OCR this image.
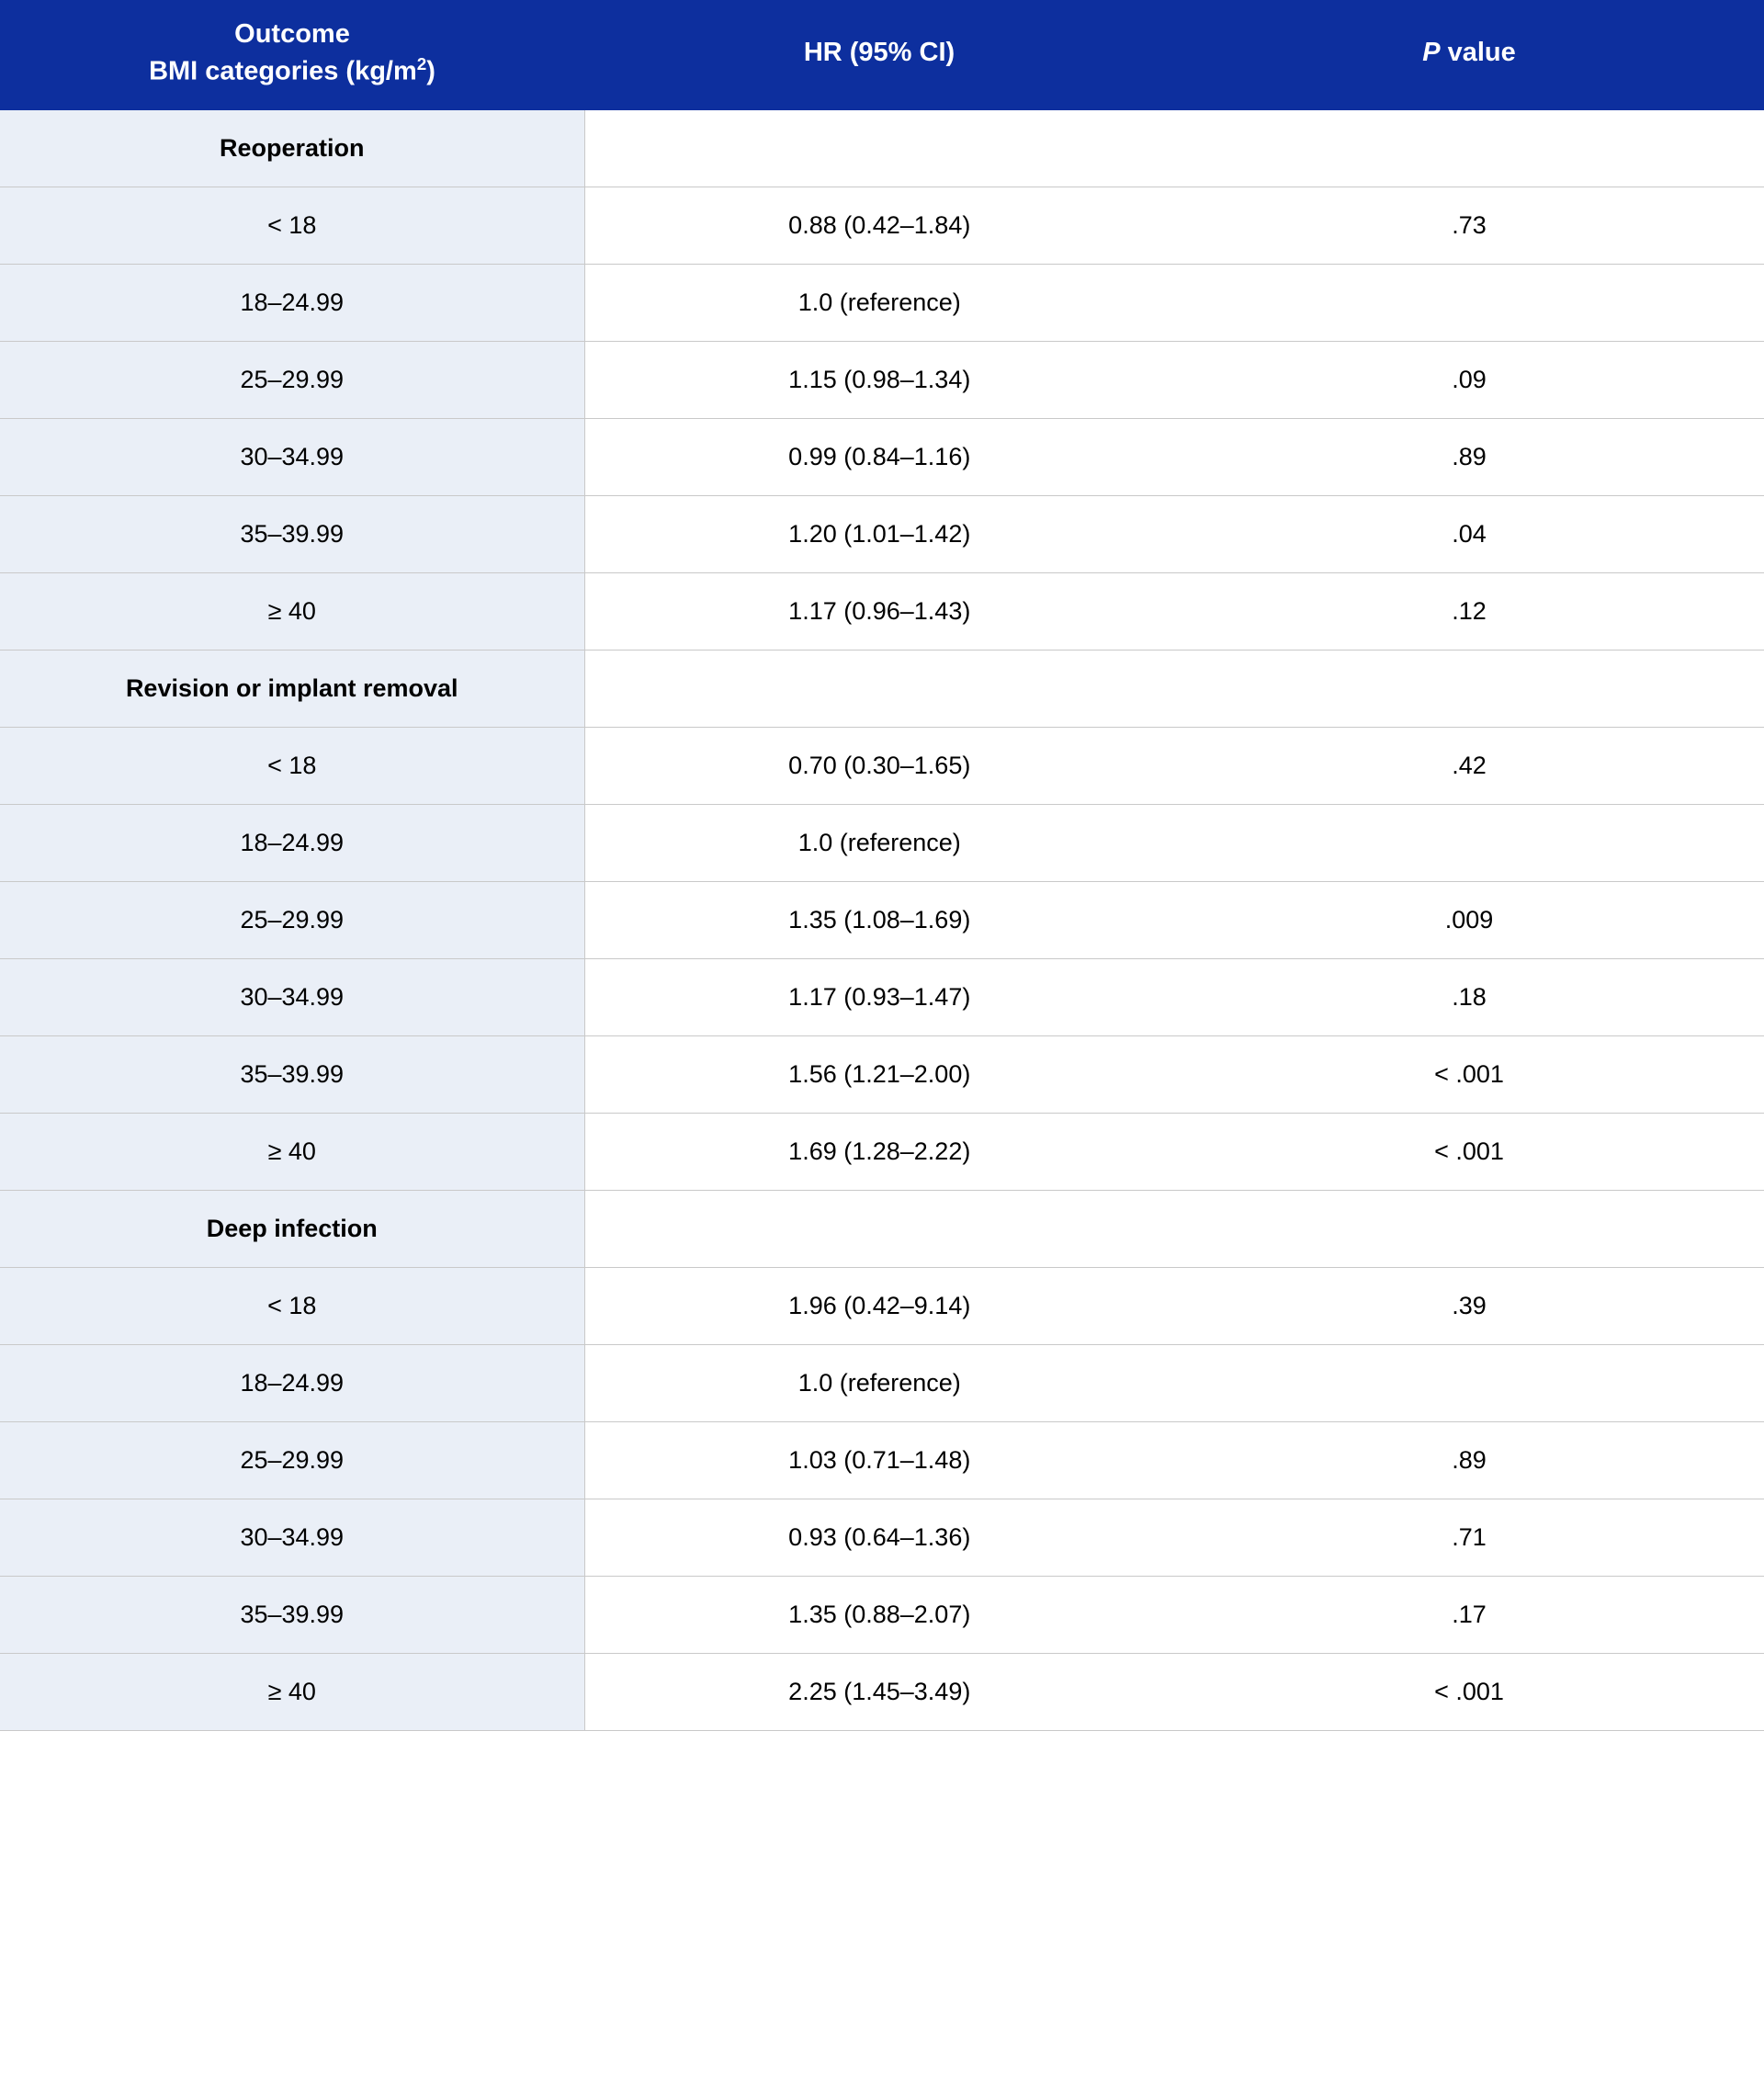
Outcome
BMI categories $(kg/m^2)$	HR (95% CI)	P value
Reoperation		
< 18	0.88 (0.42–1.84)	.73
18–24.99	1.0 (reference)	
25–29.99	1.15 (0.98–1.34)	.09
30–34.99	0.99 (0.84–1.16)	.89
35–39.99	1.20 (1.01–1.42)	.04
≥ 40	1.17 (0.96–1.43)	.12
Revision or implant removal		
< 18	0.70 (0.30–1.65)	.42
18–24.99	1.0 (reference)	
25–29.99	1.35 (1.08–1.69)	.009
30–34.99	1.17 (0.93–1.47)	.18
35–39.99	1.56 (1.21–2.00)	< .001
≥ 40	1.69 (1.28–2.22)	< .001
Deep infection		
< 18	1.96 (0.42–9.14)	.39
18–24.99	1.0 (reference)	
25–29.99	1.03 (0.71–1.48)	.89
30–34.99	0.93 (0.64–1.36)	.71
35–39.99	1.35 (0.88–2.07)	.17
≥ 40	2.25 (1.45–3.49)	< .001
